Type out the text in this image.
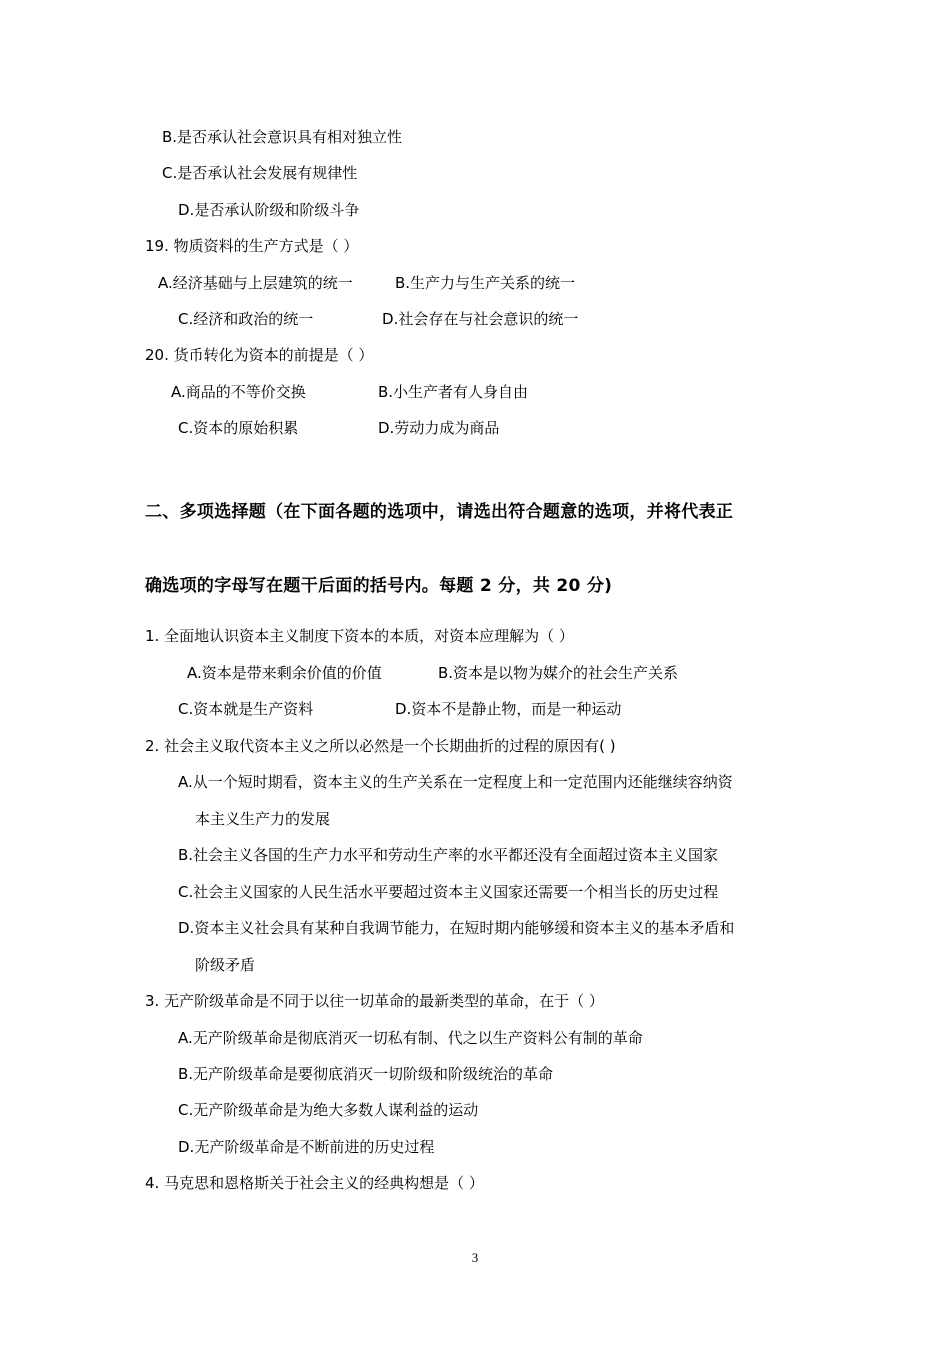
B.是否承认社会意识具有相对独立性
C.是否承认社会发展有规律性
D.是否承认阶级和阶级斗争
19. 物质资料的生产方式是（ ）
A.经济基础与上层建筑的统一	B.生产力与生产关系的统一
C.经济和政治的统一	D.社会存在与社会意识的统一
20. 货币转化为资本的前提是（ ）
A.商品的不等价交换	B.小生产者有人身自由
C.资本的原始积累	D.劳动力成为商品
二、多项选择题（在下面各题的选项中，请选出符合题意的选项，并将代表正
确选项的字母写在题干后面的括号内。每题 2 分，共 20 分)
1. 全面地认识资本主义制度下资本的本质，对资本应理解为（ ）
A.资本是带来剩余价值的价值	B.资本是以物为媒介的社会生产关系
C.资本就是生产资料	D.资本不是静止物，而是一种运动
2. 社会主义取代资本主义之所以必然是一个长期曲折的过程的原因有( )
A.从一个短时期看，资本主义的生产关系在一定程度上和一定范围内还能继续容纳资
本主义生产力的发展
B.社会主义各国的生产力水平和劳动生产率的水平都还没有全面超过资本主义国家
C.社会主义国家的人民生活水平要超过资本主义国家还需要一个相当长的历史过程
D.资本主义社会具有某种自我调节能力，在短时期内能够缓和资本主义的基本矛盾和
阶级矛盾
3. 无产阶级革命是不同于以往一切革命的最新类型的革命，在于（ ）
A.无产阶级革命是彻底消灭一切私有制、代之以生产资料公有制的革命
B.无产阶级革命是要彻底消灭一切阶级和阶级统治的革命
C.无产阶级革命是为绝大多数人谋利益的运动
D.无产阶级革命是不断前进的历史过程
4. 马克思和恩格斯关于社会主义的经典构想是（ ）
3
